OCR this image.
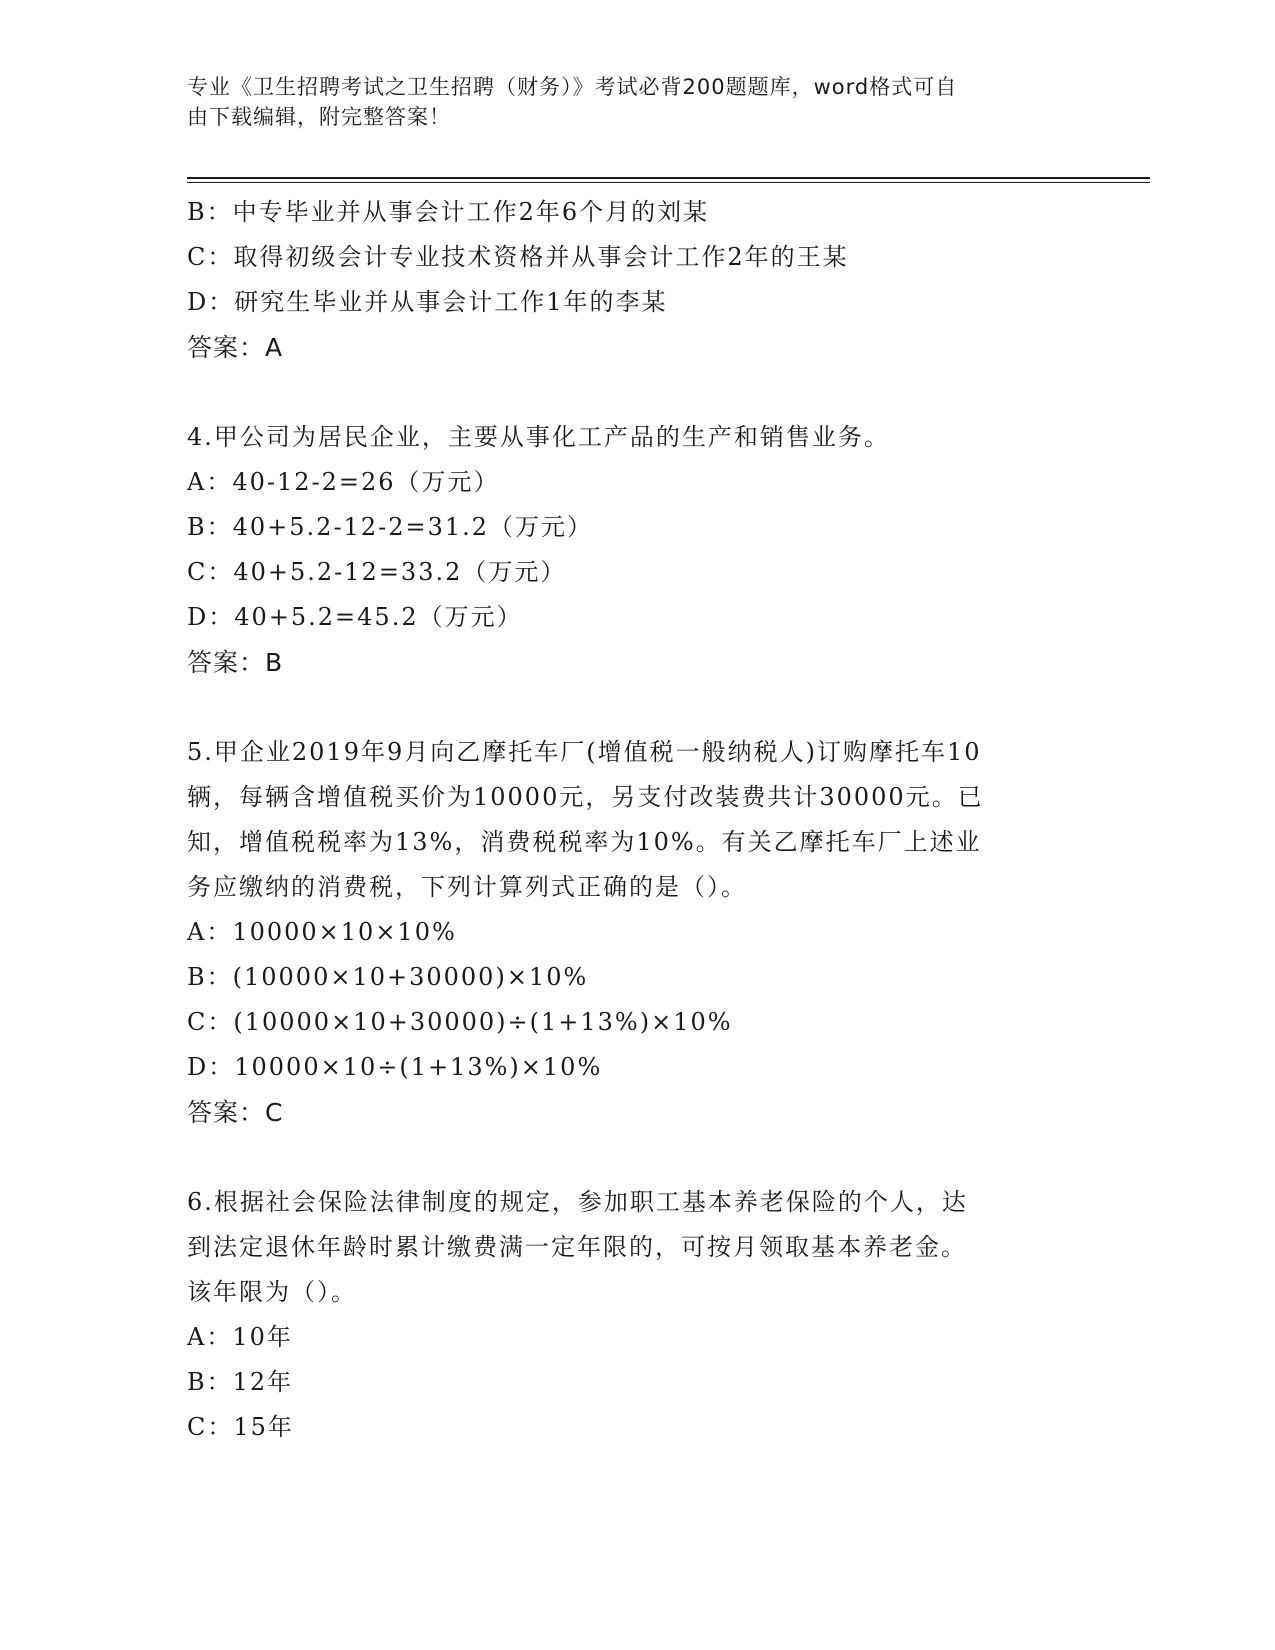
专业《卫生招聘考试之卫生招聘（财务）》考试必背200题题库，word格式可自
由下载编辑，附完整答案！
B：中专毕业并从事会计工作2年6个月的刘某
C：取得初级会计专业技术资格并从事会计工作2年的王某
D：研究生毕业并从事会计工作1年的李某
答案：A
4.甲公司为居民企业，主要从事化工产品的生产和销售业务。
A：40-12-2=26（万元）
B：40+5.2-12-2=31.2（万元）
C：40+5.2-12=33.2（万元）
D：40+5.2=45.2（万元）
答案：B
5.甲企业2019年9月向乙摩托车厂(增值税一般纳税人)订购摩托车10
辆，每辆含增值税买价为10000元，另支付改装费共计30000元。已
知，增值税税率为13%，消费税税率为10%。有关乙摩托车厂上述业
务应缴纳的消费税，下列计算列式正确的是（）。
A：10000×10×10%
B：(10000×10+30000)×10%
C：(10000×10+30000)÷(1+13%)×10%
D：10000×10÷(1+13%)×10%
答案：C
6.根据社会保险法律制度的规定，参加职工基本养老保险的个人，达
到法定退休年龄时累计缴费满一定年限的，可按月领取基本养老金。
该年限为（）。
A：10年
B：12年
C：15年
